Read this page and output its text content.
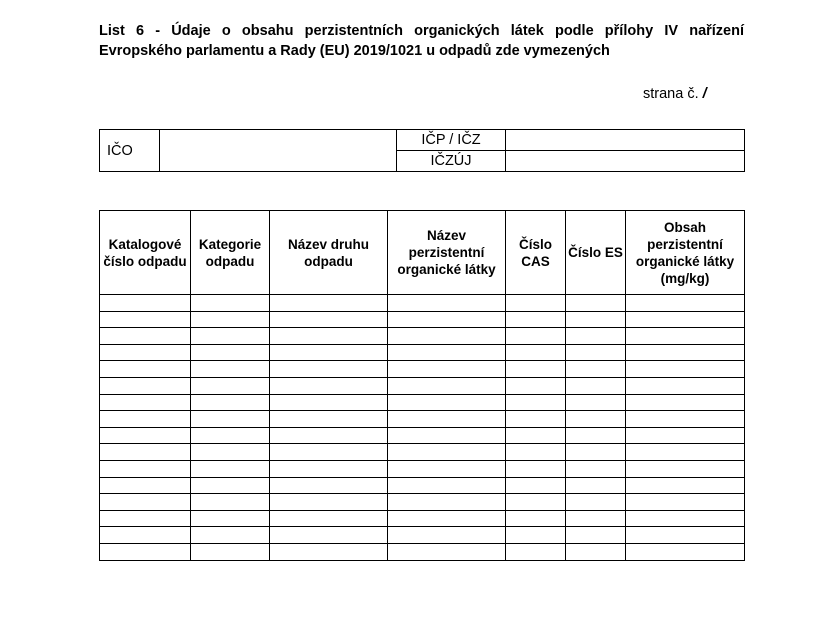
List 6 - Údaje o obsahu perzistentních organických látek podle přílohy IV nařízení
Evropského parlamentu a Rady (EU) 2019/1021 u odpadů zde vymezených
strana č. /
IČO		IČP / IČZ	
		IČZÚJ	
Katalogové číslo odpadu	Kategorie odpadu	Název druhu odpadu	Název perzistentní organické látky	Číslo CAS	Číslo ES	Obsah perzistentní organické látky (mg/kg)
